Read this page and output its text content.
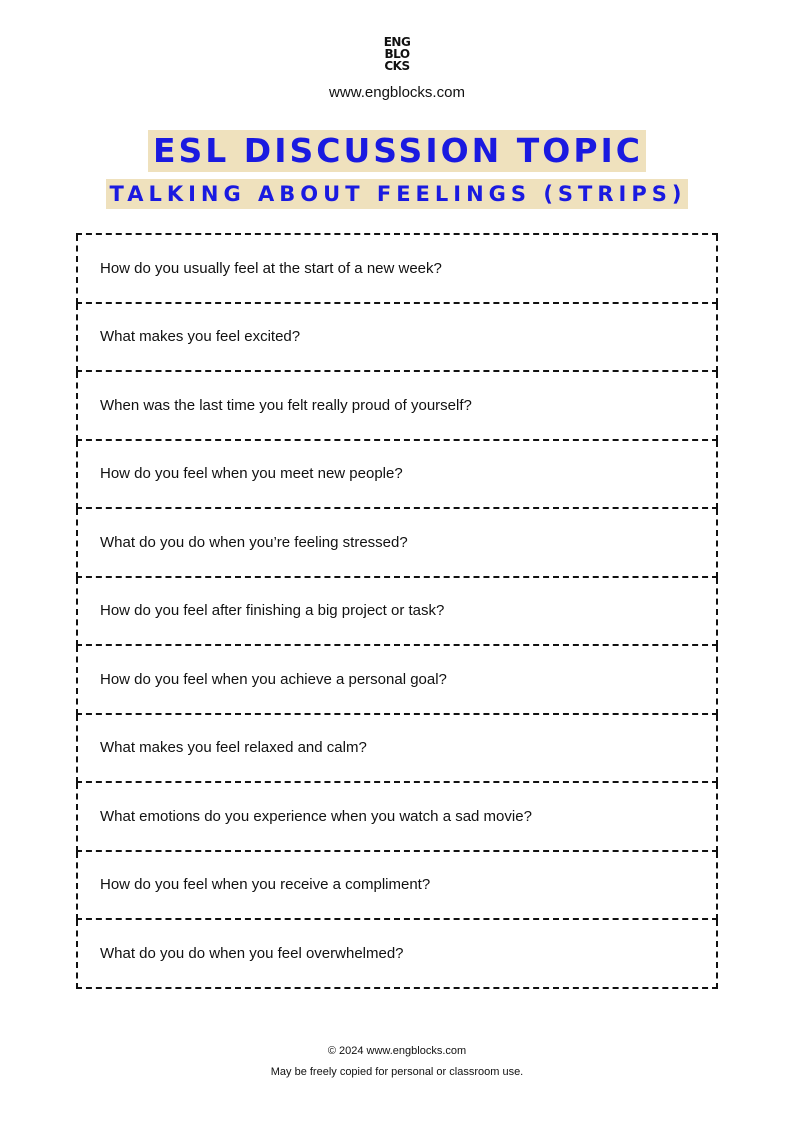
ENG
BLO
CKS
www.engblocks.com
ESL DISCUSSION TOPIC
TALKING ABOUT FEELINGS (STRIPS)
How do you usually feel at the start of a new week?
What makes you feel excited?
When was the last time you felt really proud of yourself?
How do you feel when you meet new people?
What do you do when you’re feeling stressed?
How do you feel after finishing a big project or task?
How do you feel when you achieve a personal goal?
What makes you feel relaxed and calm?
What emotions do you experience when you watch a sad movie?
How do you feel when you receive a compliment?
What do you do when you feel overwhelmed?
© 2024 www.engblocks.com
May be freely copied for personal or classroom use.
